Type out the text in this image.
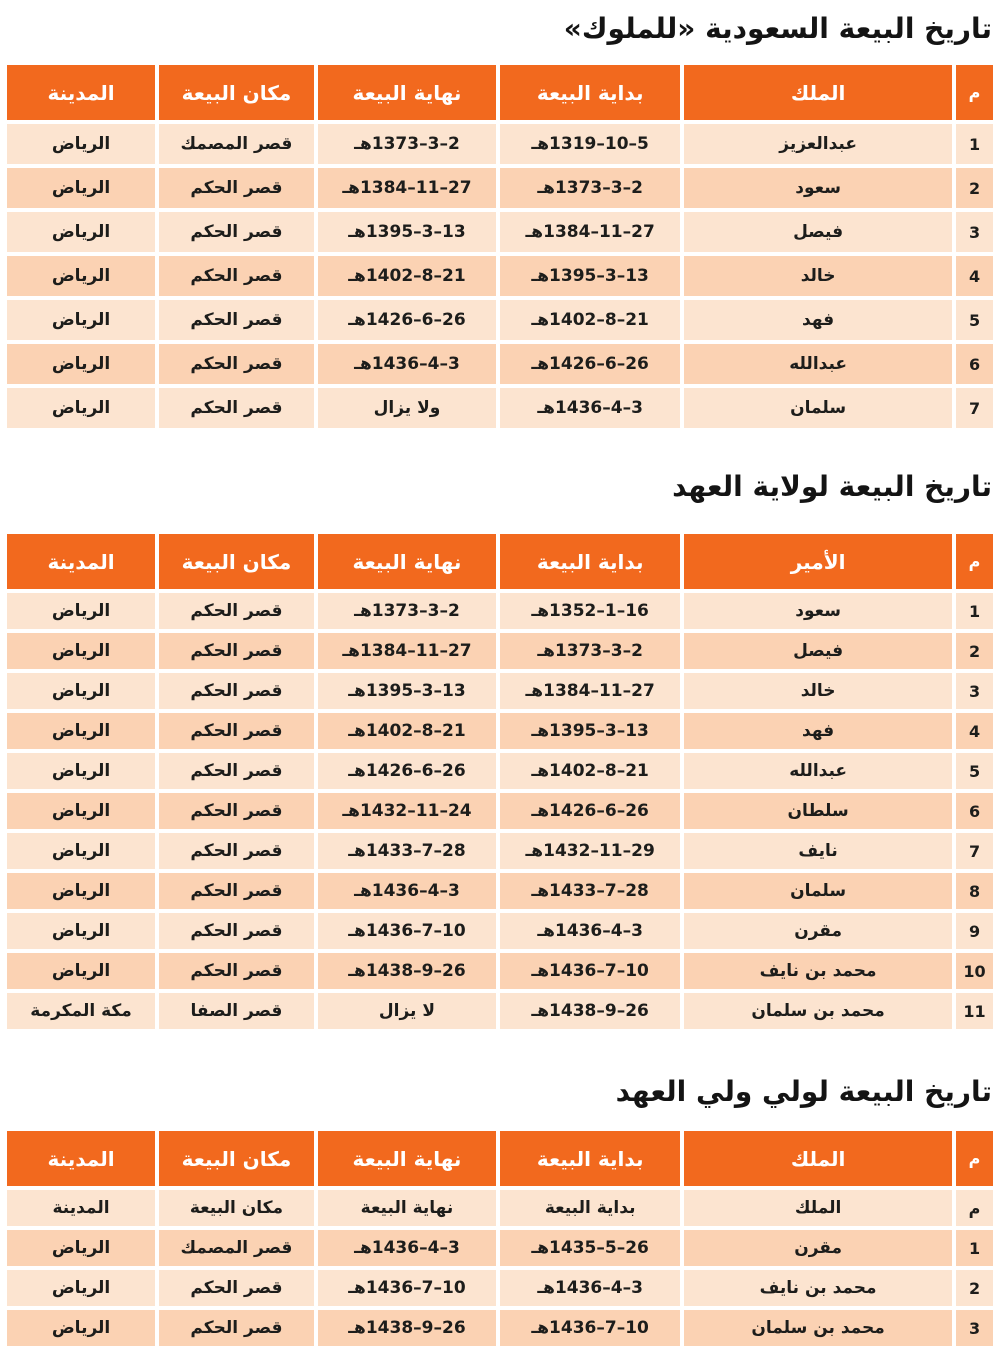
تاريخ البيعة السعودية «للملوك»
م
الملك
بداية البيعة
نهاية البيعة
مكان البيعة
المدينة
1
عبدالعزيز
5–10–1319هـ
2–3–1373هـ
قصر المصمك
الرياض
2
سعود
2–3–1373هـ
27–11–1384هـ
قصر الحكم
الرياض
3
فيصل
27–11–1384هـ
13–3–1395هـ
قصر الحكم
الرياض
4
خالد
13–3–1395هـ
21–8–1402هـ
قصر الحكم
الرياض
5
فهد
21–8–1402هـ
26–6–1426هـ
قصر الحكم
الرياض
6
عبدالله
26–6–1426هـ
3–4–1436هـ
قصر الحكم
الرياض
7
سلمان
3–4–1436هـ
ولا يزال
قصر الحكم
الرياض
تاريخ البيعة لولاية العهد
م
الأمير
بداية البيعة
نهاية البيعة
مكان البيعة
المدينة
1
سعود
16–1–1352هـ
2–3–1373هـ
قصر الحكم
الرياض
2
فيصل
2–3–1373هـ
27–11–1384هـ
قصر الحكم
الرياض
3
خالد
27–11–1384هـ
13–3–1395هـ
قصر الحكم
الرياض
4
فهد
13–3–1395هـ
21–8–1402هـ
قصر الحكم
الرياض
5
عبدالله
21–8–1402هـ
26–6–1426هـ
قصر الحكم
الرياض
6
سلطان
26–6–1426هـ
24–11–1432هـ
قصر الحكم
الرياض
7
نايف
29–11–1432هـ
28–7–1433هـ
قصر الحكم
الرياض
8
سلمان
28–7–1433هـ
3–4–1436هـ
قصر الحكم
الرياض
9
مقرن
3–4–1436هـ
10–7–1436هـ
قصر الحكم
الرياض
10
محمد بن نايف
10–7–1436هـ
26–9–1438هـ
قصر الحكم
الرياض
11
محمد بن سلمان
26–9–1438هـ
لا يزال
قصر الصفا
مكة المكرمة
تاريخ البيعة لولي ولي العهد
م
الملك
بداية البيعة
نهاية البيعة
مكان البيعة
المدينة
م
الملك
بداية البيعة
نهاية البيعة
مكان البيعة
المدينة
1
مقرن
26–5–1435هـ
3–4–1436هـ
قصر المصمك
الرياض
2
محمد بن نايف
3–4–1436هـ
10–7–1436هـ
قصر الحكم
الرياض
3
محمد بن سلمان
10–7–1436هـ
26–9–1438هـ
قصر الحكم
الرياض
